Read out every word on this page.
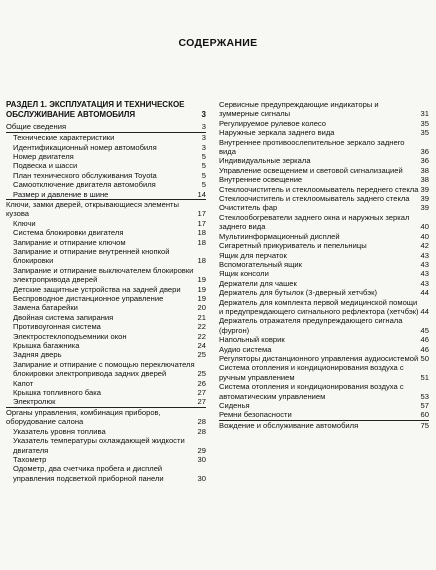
СОДЕРЖАНИЕ
РАЗДЕЛ 1. ЭКСПЛУАТАЦИЯ И ТЕХНИЧЕСКОЕ ОБСЛУЖИВАНИЕ АВТОМОБИЛЯ	3
Общие сведения	3
Технические характеристики	3
Идентификационный номер автомобиля	3
Номер двигателя	5
Подвеска и шасси	5
План технического обслуживания Toyota	5
Самоотключение двигателя автомобиля	5
Размер и давление в шине	14
Ключи, замки дверей, открывающиеся элементы кузова	17
Ключи	17
Система блокировки двигателя	18
Запирание и отпирание ключом	18
Запирание и отпирание внутренней кнопкой блокировки	18
Запирание и отпирание выключателем блокировки электропривода дверей	19
Детские защитные устройства на задней двери	19
Беспроводное дистанционное управление	19
Замена батарейки	20
Двойная система запирания	21
Противоугонная система	22
Электростеклоподъемники окон	22
Крышка багажника	24
Задняя дверь	25
Запирание и отпирание с помощью переключателя блокировки электропривода задних дверей	25
Капот	26
Крышка топливного бака	27
Электролюк	27
Органы управления, комбинация приборов, оборудование салона	28
Указатель уровня топлива	28
Указатель температуры охлаждающей жидкости двигателя	29
Тахометр	30
Одометр, два счетчика пробега и дисплей управления подсветкой приборной панели	30
Сервисные предупреждающие индикаторы и зуммерные сигналы	31
Регулируемое рулевое колесо	35
Наружные зеркала заднего вида	35
Внутреннее противоослепительное зеркало заднего вида	36
Индивидуальные зеркала	36
Управление освещением и световой сигнализацией	38
Внутреннее освещение	38
Стеклоочиститель и стеклоомыватель переднего стекла 39
Стеклоочиститель и стеклоомыватель заднего стекла	39
Очиститель фар	39
Стеклообогреватели заднего окна и наружных зеркал заднего вида	40
Мультиинформационный дисплей	40
Сигаретный прикуриватель и пепельницы	42
Ящик для перчаток	43
Вспомогательный ящик	43
Ящик консоли	43
Держатели для чашек	43
Держатель для бутылок (3-дверный хетчбэк)	44
Держатель для комплекта первой медицинской помощи и предупреждающего сигнального рефлектора (хетчбэк) 44
Держатель отражателя предупреждающего сигнала (фургон)	45
Напольный коврик	46
Аудио система	46
Регуляторы дистанционного управления аудиосистемой 50
Система отопления и кондиционирования воздуха с ручным управлением	51
Система отопления и кондиционирования воздуха с автоматическим управлением	53
Сиденья	57
Ремни безопасности	60
Вождение и обслуживание автомобиля	75
